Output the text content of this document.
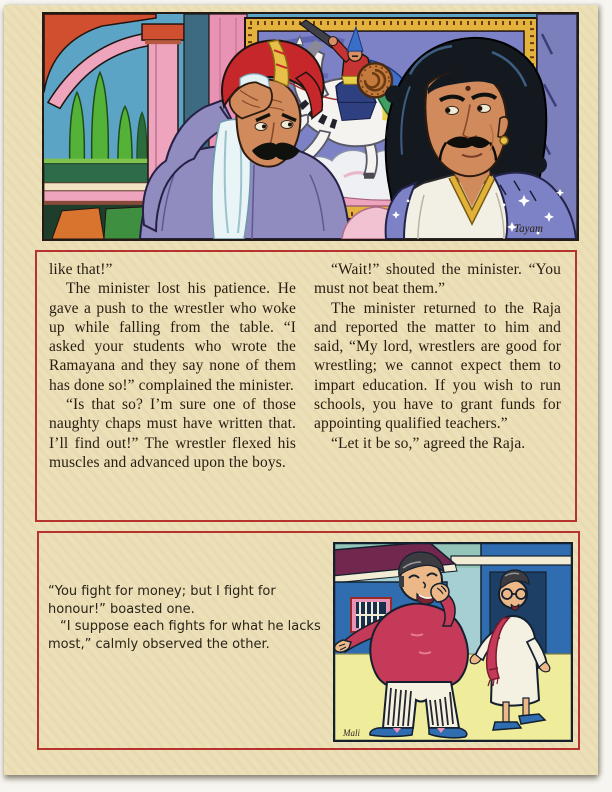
Tayam

like that!”

The minister lost his patience. He gave a push to the wrestler who woke up while falling from the table. “I asked your students who wrote the Ramayana and they say none of them has done so!” complained the minister.

“Is that so? I’m sure one of those naughty chaps must have written that. I’ll find out!” The wrestler flexed his muscles and advanced upon the boys.

“Wait!” shouted the minister. “You must not beat them.”

The minister returned to the Raja and reported the matter to him and said, “My lord, wrestlers are good for wrestling; we cannot expect them to impart education. If you wish to run schools, you have to grant funds for appointing qualified teachers.”

“Let it be so,” agreed the Raja.

“You fight for money; but I fight for honour!” boasted one.

“I suppose each fights for what he lacks most,” calmly observed the other.

Mali
